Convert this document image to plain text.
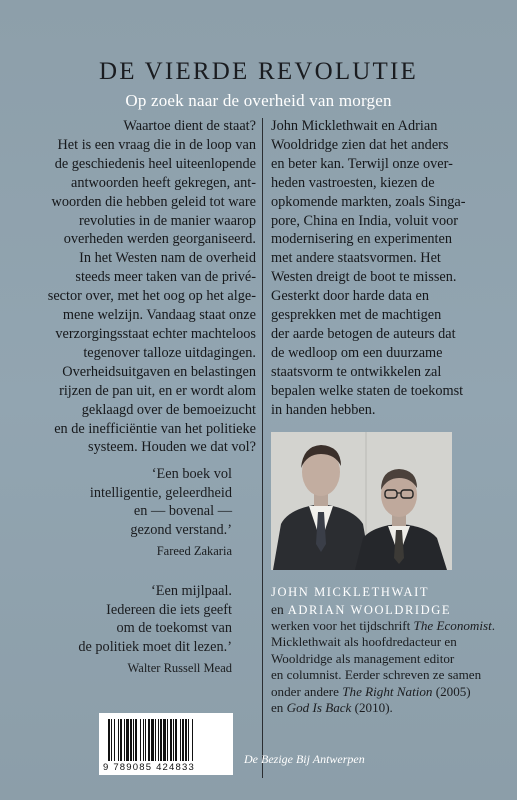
DE VIERDE REVOLUTIE
Op zoek naar de overheid van morgen
Waartoe dient de staat?
Het is een vraag die in de loop van
de geschiedenis heel uiteenlopende
antwoorden heeft gekregen, ant-
woorden die hebben geleid tot ware
revoluties in de manier waarop
overheden werden georganiseerd.
In het Westen nam de overheid
steeds meer taken van de privé-
sector over, met het oog op het alge-
mene welzijn. Vandaag staat onze
verzorgingsstaat echter machteloos
tegenover talloze uitdagingen.
Overheidsuitgaven en belastingen
rijzen de pan uit, en er wordt alom
geklaagd over de bemoeizucht
en de inefficiëntie van het politieke
systeem. Houden we dat vol?
John Micklethwait en Adrian
Wooldridge zien dat het anders
en beter kan. Terwijl onze over-
heden vastroesten, kiezen de
opkomende markten, zoals Singa-
pore, China en India, voluit voor
modernisering en experimenten
met andere staatsvormen. Het
Westen dreigt de boot te missen.
Gesterkt door harde data en
gesprekken met de machtigen
der aarde betogen de auteurs dat
de wedloop om een duurzame
staatsvorm te ontwikkelen zal
bepalen welke staten de toekomst
in handen hebben.
‘Een boek vol
intelligentie, geleerdheid
en — bovenal —
gezond verstand.’
Fareed Zakaria
‘Een mijlpaal.
Iedereen die iets geeft
om de toekomst van
de politiek moet dit lezen.’
Walter Russell Mead
JOHN MICKLETHWAIT
en ADRIAN WOOLDRIDGE
werken voor het tijdschrift The Economist.
Micklethwait als hoofdredacteur en
Wooldridge als management editor
en columnist. Eerder schreven ze samen
onder andere The Right Nation (2005)
en God Is Back (2010).
9 789085 424833
De Bezige Bij Antwerpen
